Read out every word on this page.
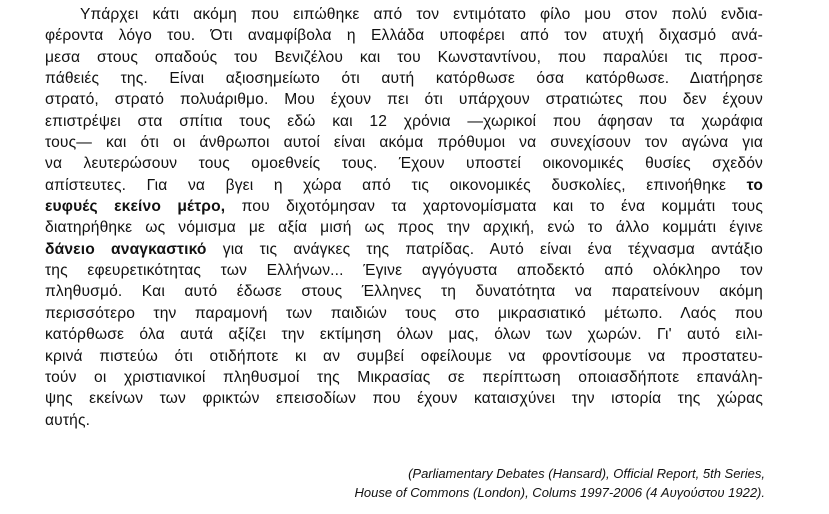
Υπάρχει κάτι ακόμη που ειπώθηκε από τον εντιμότατο φίλο μου στον πολύ ενδια-
φέροντα λόγο του. Ότι αναμφίβολα η Ελλάδα υποφέρει από τον ατυχή διχασμό ανά-
μεσα στους οπαδούς του Βενιζέλου και του Κωνσταντίνου, που παραλύει τις προσ-
πάθειές της. Είναι αξιοσημείωτο ότι αυτή κατόρθωσε όσα κατόρθωσε. Διατήρησε
στρατό, στρατό πολυάριθμο. Μου έχουν πει ότι υπάρχουν στρατιώτες που δεν έχουν
επιστρέψει στα σπίτια τους εδώ και 12 χρόνια —χωρικοί που άφησαν τα χωράφια
τους— και ότι οι άνθρωποι αυτοί είναι ακόμα πρόθυμοι να συνεχίσουν τον αγώνα για
να λευτερώσουν τους ομοεθνείς τους. Έχουν υποστεί οικονομικές θυσίες σχεδόν
απίστευτες. Για να βγει η χώρα από τις οικονομικές δυσκολίες, επινοήθηκε το
ευφυές εκείνο μέτρο, που διχοτόμησαν τα χαρτονομίσματα και το ένα κομμάτι τους
διατηρήθηκε ως νόμισμα με αξία μισή ως προς την αρχική, ενώ το άλλο κομμάτι έγινε
δάνειο αναγκαστικό για τις ανάγκες της πατρίδας. Αυτό είναι ένα τέχνασμα αντάξιο
της εφευρετικότητας των Ελλήνων... Έγινε αγγόγυστα αποδεκτό από ολόκληρο τον
πληθυσμό. Και αυτό έδωσε στους Έλληνες τη δυνατότητα να παρατείνουν ακόμη
περισσότερο την παραμονή των παιδιών τους στο μικρασιατικό μέτωπο. Λαός που
κατόρθωσε όλα αυτά αξίζει την εκτίμηση όλων μας, όλων των χωρών. Γι' αυτό ειλι-
κρινά πιστεύω ότι οτιδήποτε κι αν συμβεί οφείλουμε να φροντίσουμε να προστατευ-
τούν οι χριστιανικοί πληθυσμοί της Μικρασίας σε περίπτωση οποιασδήποτε επανάλη-
ψης εκείνων των φρικτών επεισοδίων που έχουν καταισχύνει την ιστορία της χώρας
αυτής.
(Parliamentary Debates (Hansard), Official Report, 5th Series,
House of Commons (London), Colums 1997-2006 (4 Αυγούστου 1922).
